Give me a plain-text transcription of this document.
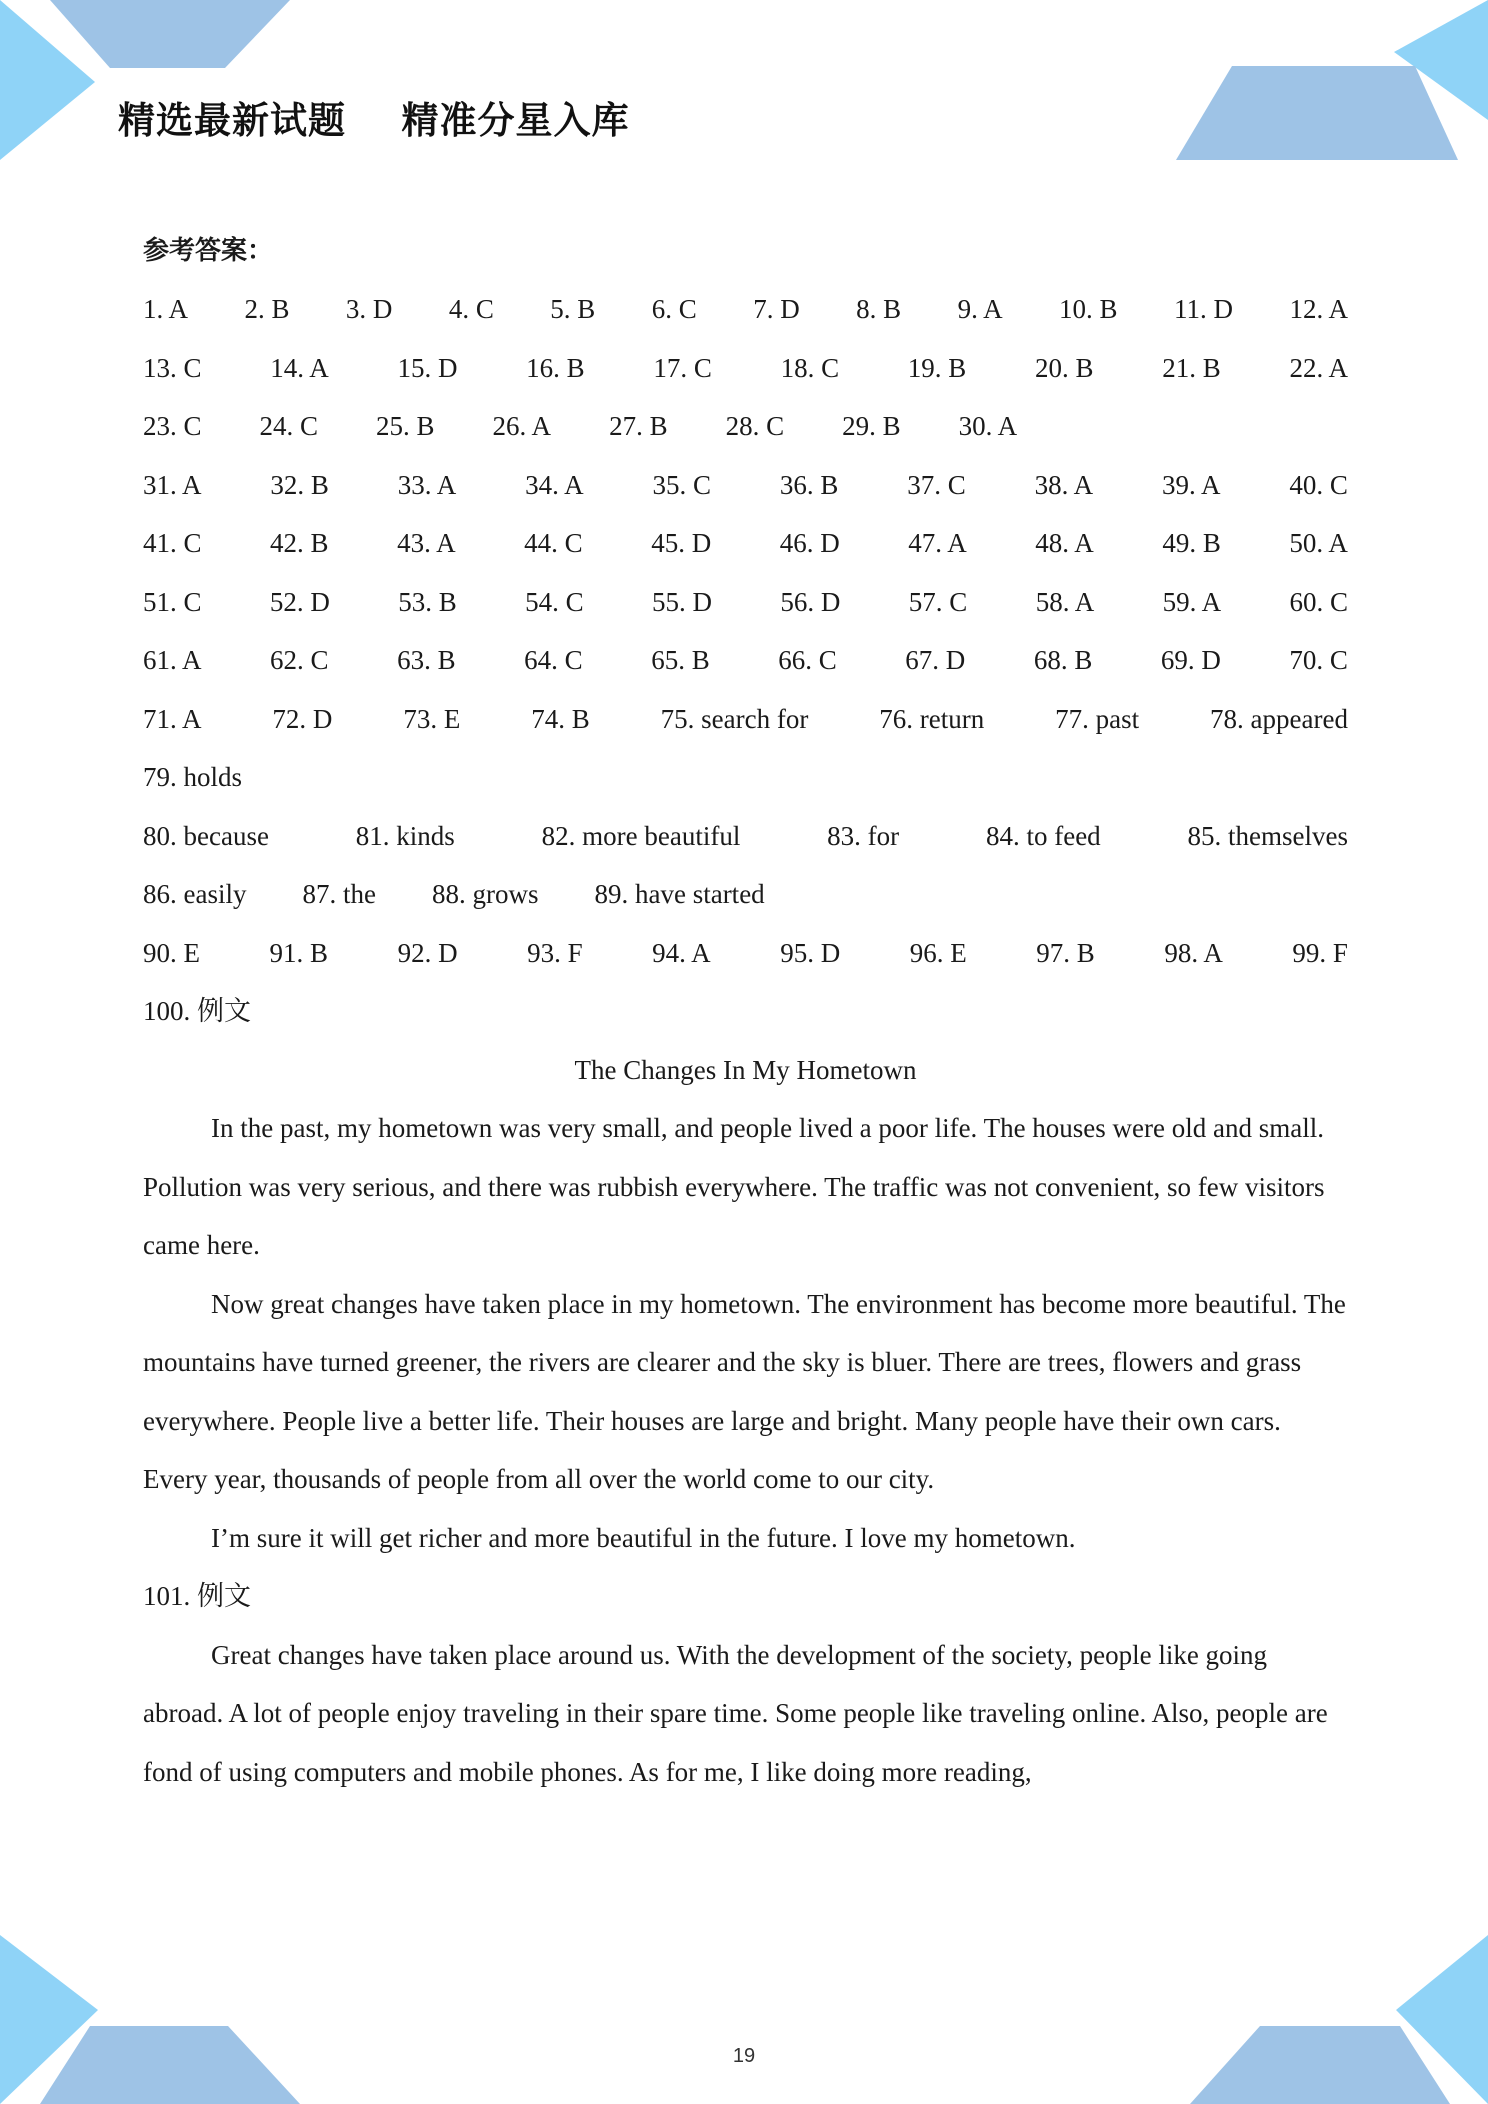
精选最新试题    精准分星入库
参考答案：
1. A 2. B 3. D 4. C 5. B 6. C 7. D 8. B 9. A 10. B 11. D 12. A
13. C	14. A	15. D	16. B	17. C	18. C	19. B	20. B	21. B	22. A
23. C 24. C 25. B 26. A 27. B 28. C 29. B 30. A
31. A	32. B	33. A	34. A	35. C	36. B	37. C	38. A	39. A	40. C
41. C	42. B	43. A	44. C	45. D	46. D	47. A	48. A	49. B	50. A
51. C	52. D	53. B	54. C	55. D	56. D	57. C	58. A	59. A	60. C
61. A	62. C	63. B	64. C	65. B	66. C	67. D	68. B	69. D	70. C
71. A	72. D	73. E	74. B	75. search for	76. return	77. past	78. appeared
79. holds
80. because	81. kinds	82. more beautiful	83. for	84. to feed	85. themselves
86. easily 87. the 88. grows 89. have started
90. E	91. B	92. D	93. F	94. A	95. D	96. E	97. B	98. A	99. F
100. 例文
The Changes In My Hometown

In the past, my hometown was very small, and people lived a poor life. The houses were old and small. Pollution was very serious, and there was rubbish everywhere. The traffic was not convenient, so few visitors came here.

Now great changes have taken place in my hometown. The environment has become more beautiful. The mountains have turned greener, the rivers are clearer and the sky is bluer. There are trees, flowers and grass everywhere. People live a better life. Their houses are large and bright. Many people have their own cars. Every year, thousands of people from all over the world come to our city.

I’m sure it will get richer and more beautiful in the future. I love my hometown.

101. 例文

Great changes have taken place around us. With the development of the society, people like going abroad. A lot of people enjoy traveling in their spare time. Some people like traveling online. Also, people are fond of using computers and mobile phones. As for me, I like doing more reading,

19
